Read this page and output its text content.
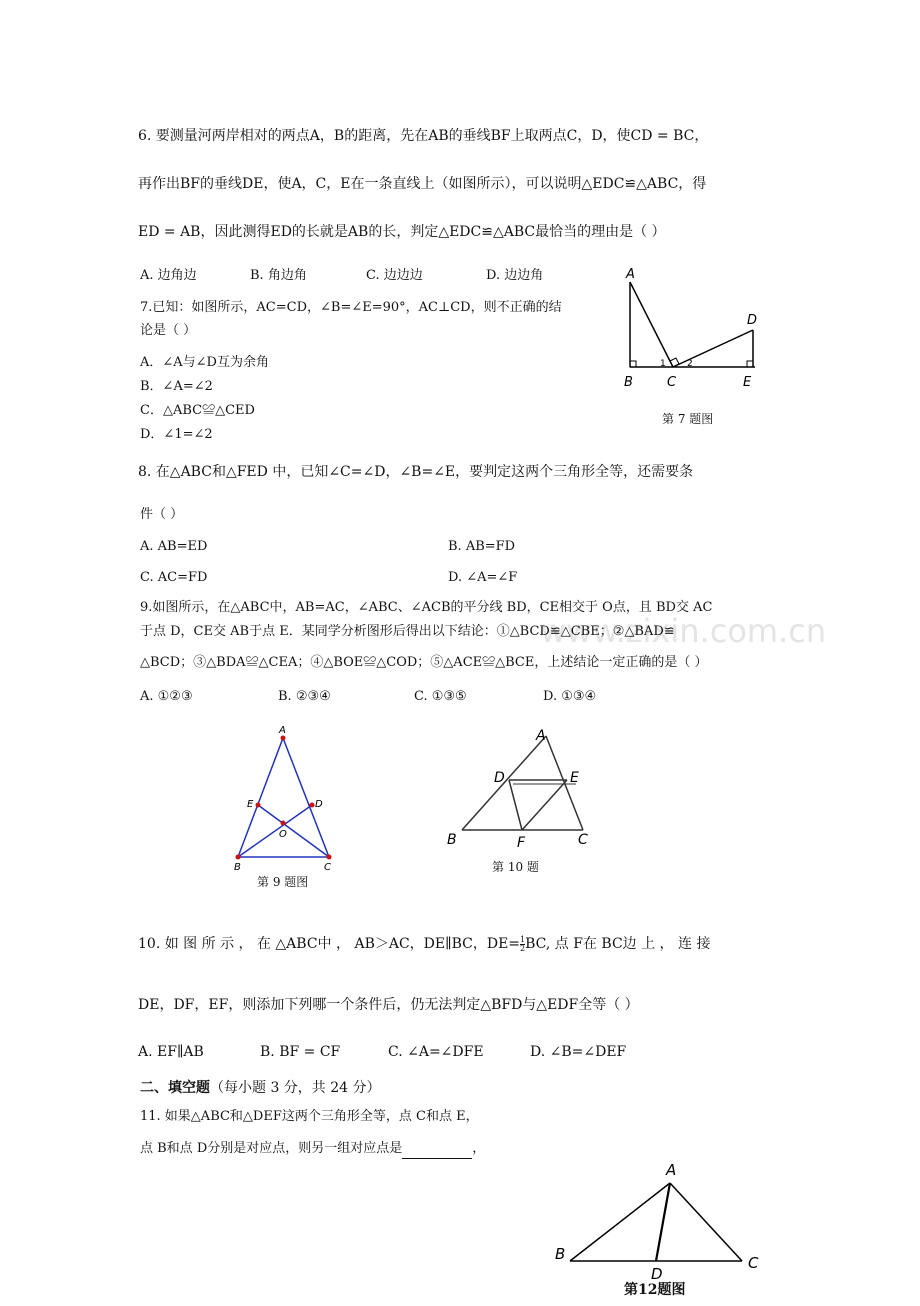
www.zixin.com.cn
6. 要测量河两岸相对的两点A，B的距离，先在AB的垂线BF上取两点C，D，使CD = BC，
再作出BF的垂线DE，使A，C，E在一条直线上（如图所示），可以说明△EDC≌△ABC，得
ED = AB，因此测得ED的长就是AB的长，判定△EDC≌△ABC最恰当的理由是（ ）
A. 边角边	B. 角边角	C. 边边边	D. 边边角
7.已知：如图所示，AC=CD，∠B=∠E=90°，AC⊥CD，则不正确的结
论是（ ）
A．∠A与∠D互为余角
B．∠A=∠2
C．△ABC≌△CED
D．∠1=∠2
A
B	C
D
E
1 2
第 7 题图
8. 在△ABC和△FED 中，已知∠C=∠D，∠B=∠E，要判定这两个三角形全等，还需要条
件（ ）
A. AB=ED	B. AB=FD
C. AC=FD	D. ∠A=∠F
9.如图所示，在△ABC中，AB=AC，∠ABC、∠ACB的平分线 BD，CE相交于 O点，且 BD交 AC
于点 D，CE交 AB于点 E．某同学分析图形后得出以下结论：①△BCD≌△CBE；②△BAD≌
△BCD；③△BDA≌△CEA；④△BOE≌△COD；⑤△ACE≌△BCE，上述结论一定正确的是（ ）
A. ①②③	B. ②③④	C. ①③⑤	D. ①③④
A
B	C
D
E
O
第 9 题图
A
B	C
D	E
F
第 10 题
10. 如 图 所 示 ， 在 △ABC中 ， AB＞AC，DE∥BC，$DE= \frac{1}{2}$ BC, 点 F在 BC边 上 ， 连 接
DE，DF，EF，则添加下列哪一个条件后，仍无法判定△BFD与△EDF全等（ ）
A. EF∥AB	B. BF = CF	C. ∠A=∠DFE	D. ∠B=∠DEF
二、填空题（每小题 3 分，共 24 分）
11. 如果△ABC和△DEF这两个三角形全等，点 C和点 E，
点 B和点 D分别是对应点，则另一组对应点是	，
A
B	C
D
第12题图
